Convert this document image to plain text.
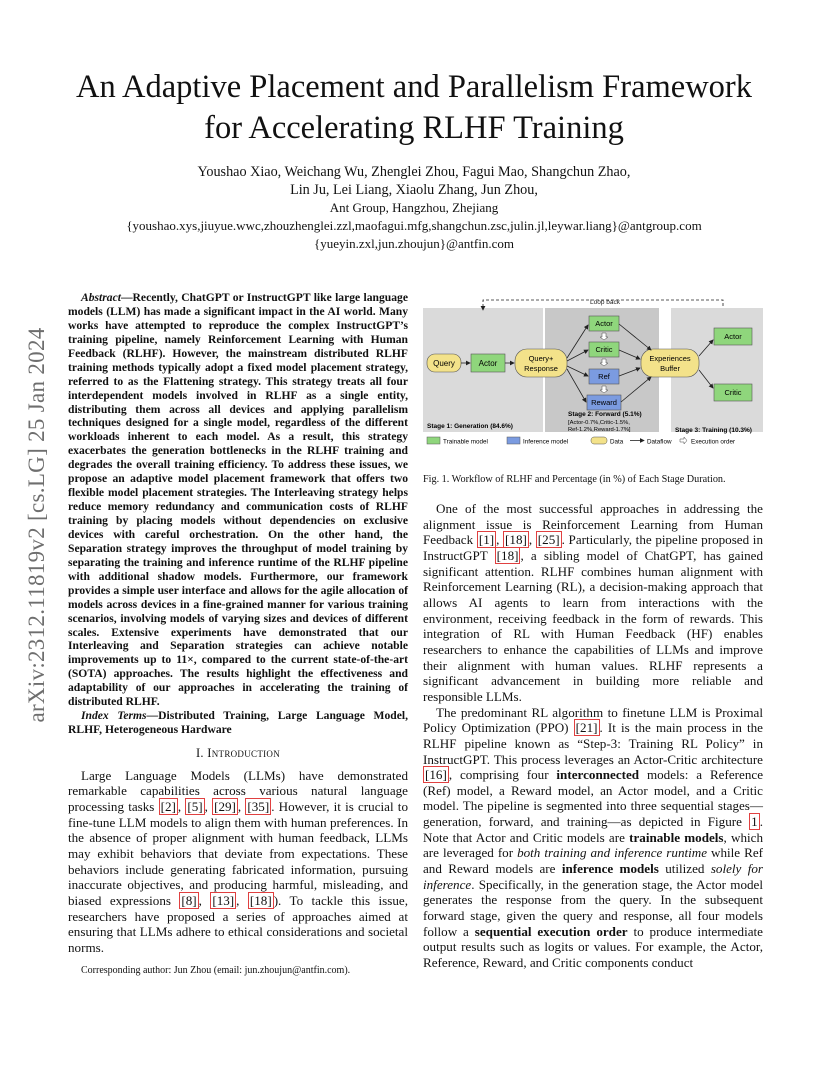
arXiv:2312.11819v2 [cs.LG] 25 Jan 2024
An Adaptive Placement and Parallelism Framework
for Accelerating RLHF Training
Youshao Xiao, Weichang Wu, Zhenglei Zhou, Fagui Mao, Shangchun Zhao,
Lin Ju, Lei Liang, Xiaolu Zhang, Jun Zhou,
Ant Group, Hangzhou, Zhejiang
{youshao.xys,jiuyue.wwc,zhouzhenglei.zzl,maofagui.mfg,shangchun.zsc,julin.jl,leywar.liang}@antgroup.com
{yueyin.zxl,jun.zhoujun}@antfin.com

Abstract—Recently, ChatGPT or InstructGPT like large language models (LLM) has made a significant impact in the AI world. Many works have attempted to reproduce the complex InstructGPT’s training pipeline, namely Reinforcement Learning with Human Feedback (RLHF). However, the mainstream distributed RLHF training methods typically adopt a fixed model placement strategy, referred to as the Flattening strategy. This strategy treats all four interdependent models involved in RLHF as a single entity, distributing them across all devices and applying parallelism techniques designed for a single model, regardless of the different workloads inherent to each model. As a result, this strategy exacerbates the generation bottlenecks in the RLHF training and degrades the overall training efficiency. To address these issues, we propose an adaptive model placement framework that offers two flexible model placement strategies. The Interleaving strategy helps reduce memory redundancy and communication costs of RLHF training by placing models without dependencies on exclusive devices with careful orchestration. On the other hand, the Separation strategy improves the throughput of model training by separating the training and inference runtime of the RLHF pipeline with additional shadow models. Furthermore, our framework provides a simple user interface and allows for the agile allocation of models across devices in a fine-grained manner for various training scenarios, involving models of varying sizes and devices of different scales. Extensive experiments have demonstrated that our Interleaving and Separation strategies can achieve notable improvements up to 11×, compared to the current state-of-the-art (SOTA) approaches. The results highlight the effectiveness and adaptability of our approaches in accelerating the training of distributed RLHF.

Index Terms—Distributed Training, Large Language Model, RLHF, Heterogeneous Hardware

I. Introduction

Large Language Models (LLMs) have demonstrated remarkable capabilities across various natural language processing tasks [2] , [5] , [29] , [35] . However, it is crucial to fine-tune LLM models to align them with human preferences. In the absence of proper alignment with human feedback, LLMs may exhibit behaviors that deviate from expectations. These behaviors include generating fabricated information, pursuing inaccurate objectives, and producing harmful, misleading, and biased expressions [8] , [13] , [18] ). To tackle this issue, researchers have proposed a series of approaches aimed at ensuring that LLMs adhere to ethical considerations and societal norms.

Corresponding author: Jun Zhou (email: jun.zhoujun@antfin.com).

Loop back
Query	Actor
Query+
Response
Actor
Critic
Ref
Reward
Experiences
Buffer
Actor
Critic
Stage 1: Generation (84.6%)
Stage 2: Forward (5.1%)
[Actor-0.7%,Critic-1.5%,
Ref-1.2%,Reward-1.7%]	Stage 3: Training (10.3%)
Trainable model	Inference model	Data	Dataflow	Execution order
Fig. 1. Workflow of RLHF and Percentage (in %) of Each Stage Duration.

One of the most successful approaches in addressing the alignment issue is Reinforcement Learning from Human Feedback [1] , [18] , [25] . Particularly, the pipeline proposed in InstructGPT [18] , a sibling model of ChatGPT, has gained significant attention. RLHF combines human alignment with Reinforcement Learning (RL), a decision-making approach that allows AI agents to learn from interactions with the environment, receiving feedback in the form of rewards. This integration of RL with Human Feedback (HF) enables researchers to enhance the capabilities of LLMs and improve their alignment with human values. RLHF represents a significant advancement in building more reliable and responsible LLMs.

The predominant RL algorithm to finetune LLM is Proximal Policy Optimization (PPO) [21] . It is the main process in the RLHF pipeline known as “Step-3: Training RL Policy” in InstructGPT. This process leverages an Actor-Critic architecture [16] , comprising four interconnected models: a Reference (Ref) model, a Reward model, an Actor model, and a Critic model. The pipeline is segmented into three sequential stages—generation, forward, and training—as depicted in Figure 1 . Note that Actor and Critic models are trainable models, which are leveraged for both training and inference runtime while Ref and Reward models are inference models utilized solely for inference. Specifically, in the generation stage, the Actor model generates the response from the query. In the subsequent forward stage, given the query and response, all four models follow a sequential execution order to produce intermediate output results such as logits or values. For example, the Actor, Reference, Reward, and Critic components conduct
